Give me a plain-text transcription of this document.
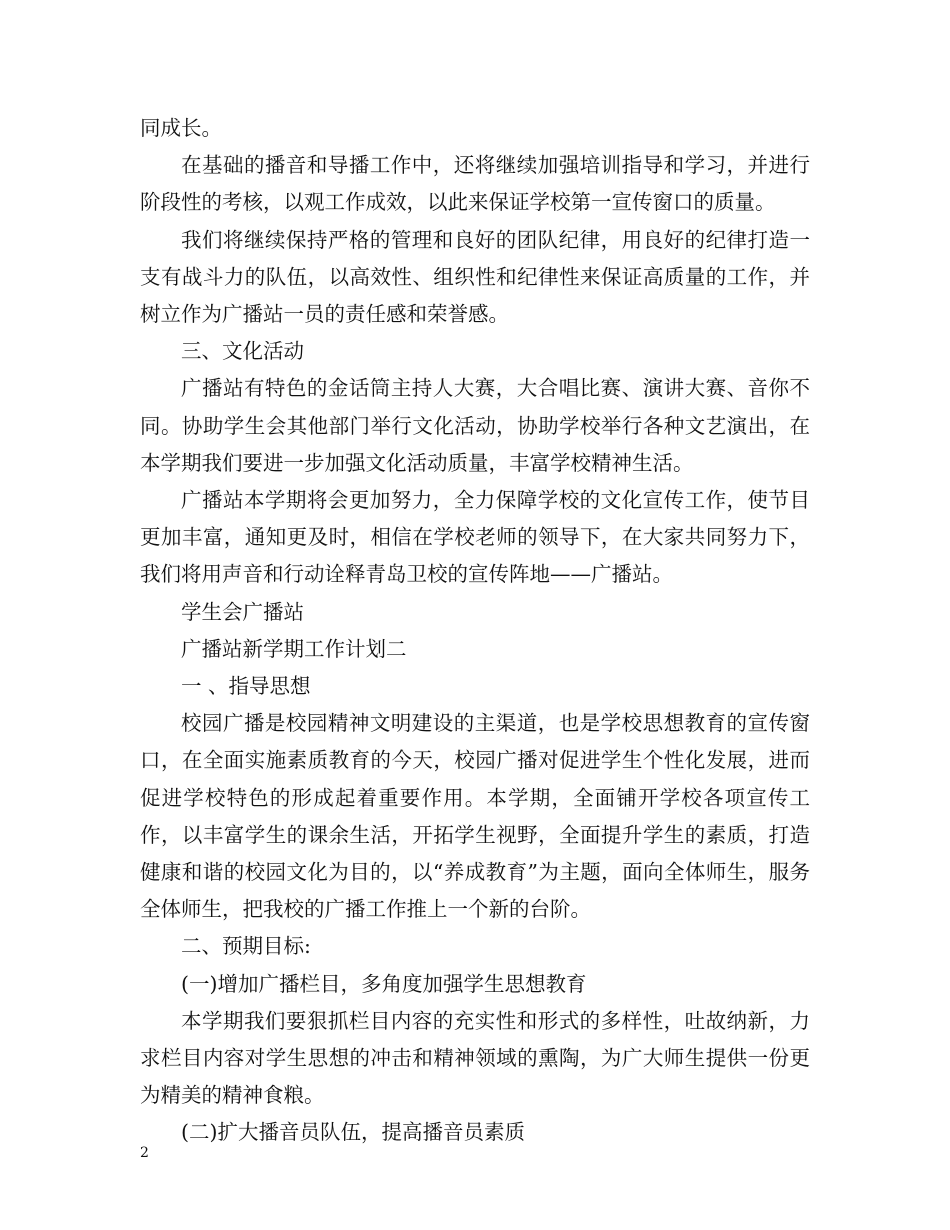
同成长。

在基础的播音和导播工作中，还将继续加强培训指导和学习，并进行阶段性的考核，以观工作成效，以此来保证学校第一宣传窗口的质量。

我们将继续保持严格的管理和良好的团队纪律，用良好的纪律打造一支有战斗力的队伍，以高效性、组织性和纪律性来保证高质量的工作，并树立作为广播站一员的责任感和荣誉感。

三、文化活动

广播站有特色的金话筒主持人大赛，大合唱比赛、演讲大赛、音你不同。协助学生会其他部门举行文化活动，协助学校举行各种文艺演出，在本学期我们要进一步加强文化活动质量，丰富学校精神生活。

广播站本学期将会更加努力，全力保障学校的文化宣传工作，使节目更加丰富，通知更及时，相信在学校老师的领导下，在大家共同努力下，我们将用声音和行动诠释青岛卫校的宣传阵地——广播站。

学生会广播站

广播站新学期工作计划二

一 、指导思想

校园广播是校园精神文明建设的主渠道，也是学校思想教育的宣传窗口，在全面实施素质教育的今天，校园广播对促进学生个性化发展，进而促进学校特色的形成起着重要作用。本学期，全面铺开学校各项宣传工作，以丰富学生的课余生活，开拓学生视野，全面提升学生的素质，打造健康和谐的校园文化为目的，以“养成教育”为主题，面向全体师生，服务全体师生，把我校的广播工作推上一个新的台阶。

二、预期目标:

(一)增加广播栏目，多角度加强学生思想教育

本学期我们要狠抓栏目内容的充实性和形式的多样性，吐故纳新，力求栏目内容对学生思想的冲击和精神领域的熏陶，为广大师生提供一份更为精美的精神食粮。

(二)扩大播音员队伍，提高播音员素质

2
